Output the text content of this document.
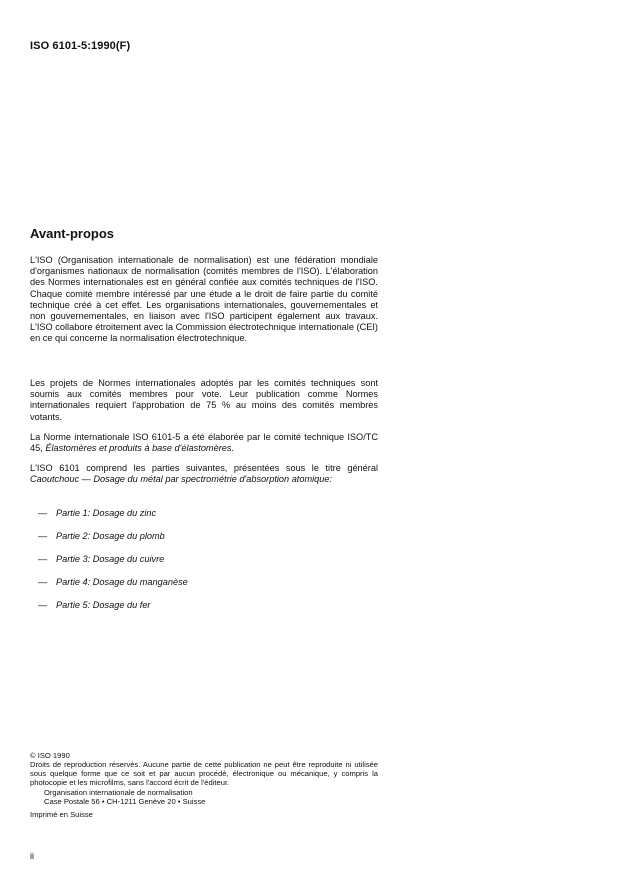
ISO 6101-5:1990(F)
Avant-propos

L'ISO (Organisation internationale de normalisation) est une fédération mondiale d'organismes nationaux de normalisation (comités membres de l'ISO). L'élaboration des Normes internationales est en général confiée aux comités techniques de l'ISO. Chaque comité membre intéressé par une étude a le droit de faire partie du comité technique créé à cet effet. Les organisations internationales, gouvernementales et non gouvernementales, en liaison avec l'ISO participent également aux travaux. L'ISO collabore étroitement avec la Commission électrotechnique internationale (CEI) en ce qui concerne la normalisation électrotechnique.

Les projets de Normes internationales adoptés par les comités techniques sont soumis aux comités membres pour vote. Leur publication comme Normes internationales requiert l'approbation de 75 % au moins des comités membres votants.

La Norme internationale ISO 6101-5 a été élaborée par le comité technique ISO/TC 45, Élastomères et produits à base d'élastomères.

L'ISO 6101 comprend les parties suivantes, présentées sous le titre général Caoutchouc — Dosage du métal par spectrométrie d'absorption atomique:

— Partie 1: Dosage du zinc
— Partie 2: Dosage du plomb
— Partie 3: Dosage du cuivre
— Partie 4: Dosage du manganèse
— Partie 5: Dosage du fer
© ISO 1990
Droits de reproduction réservés. Aucune partie de cette publication ne peut être reproduite ni utilisée sous quelque forme que ce soit et par aucun procédé, électronique ou mécanique, y compris la photocopie et les microfilms, sans l'accord écrit de l'éditeur.
Organisation internationale de normalisation
Case Postale 56 • CH-1211 Genève 20 • Suisse
Imprimé en Suisse
ii
